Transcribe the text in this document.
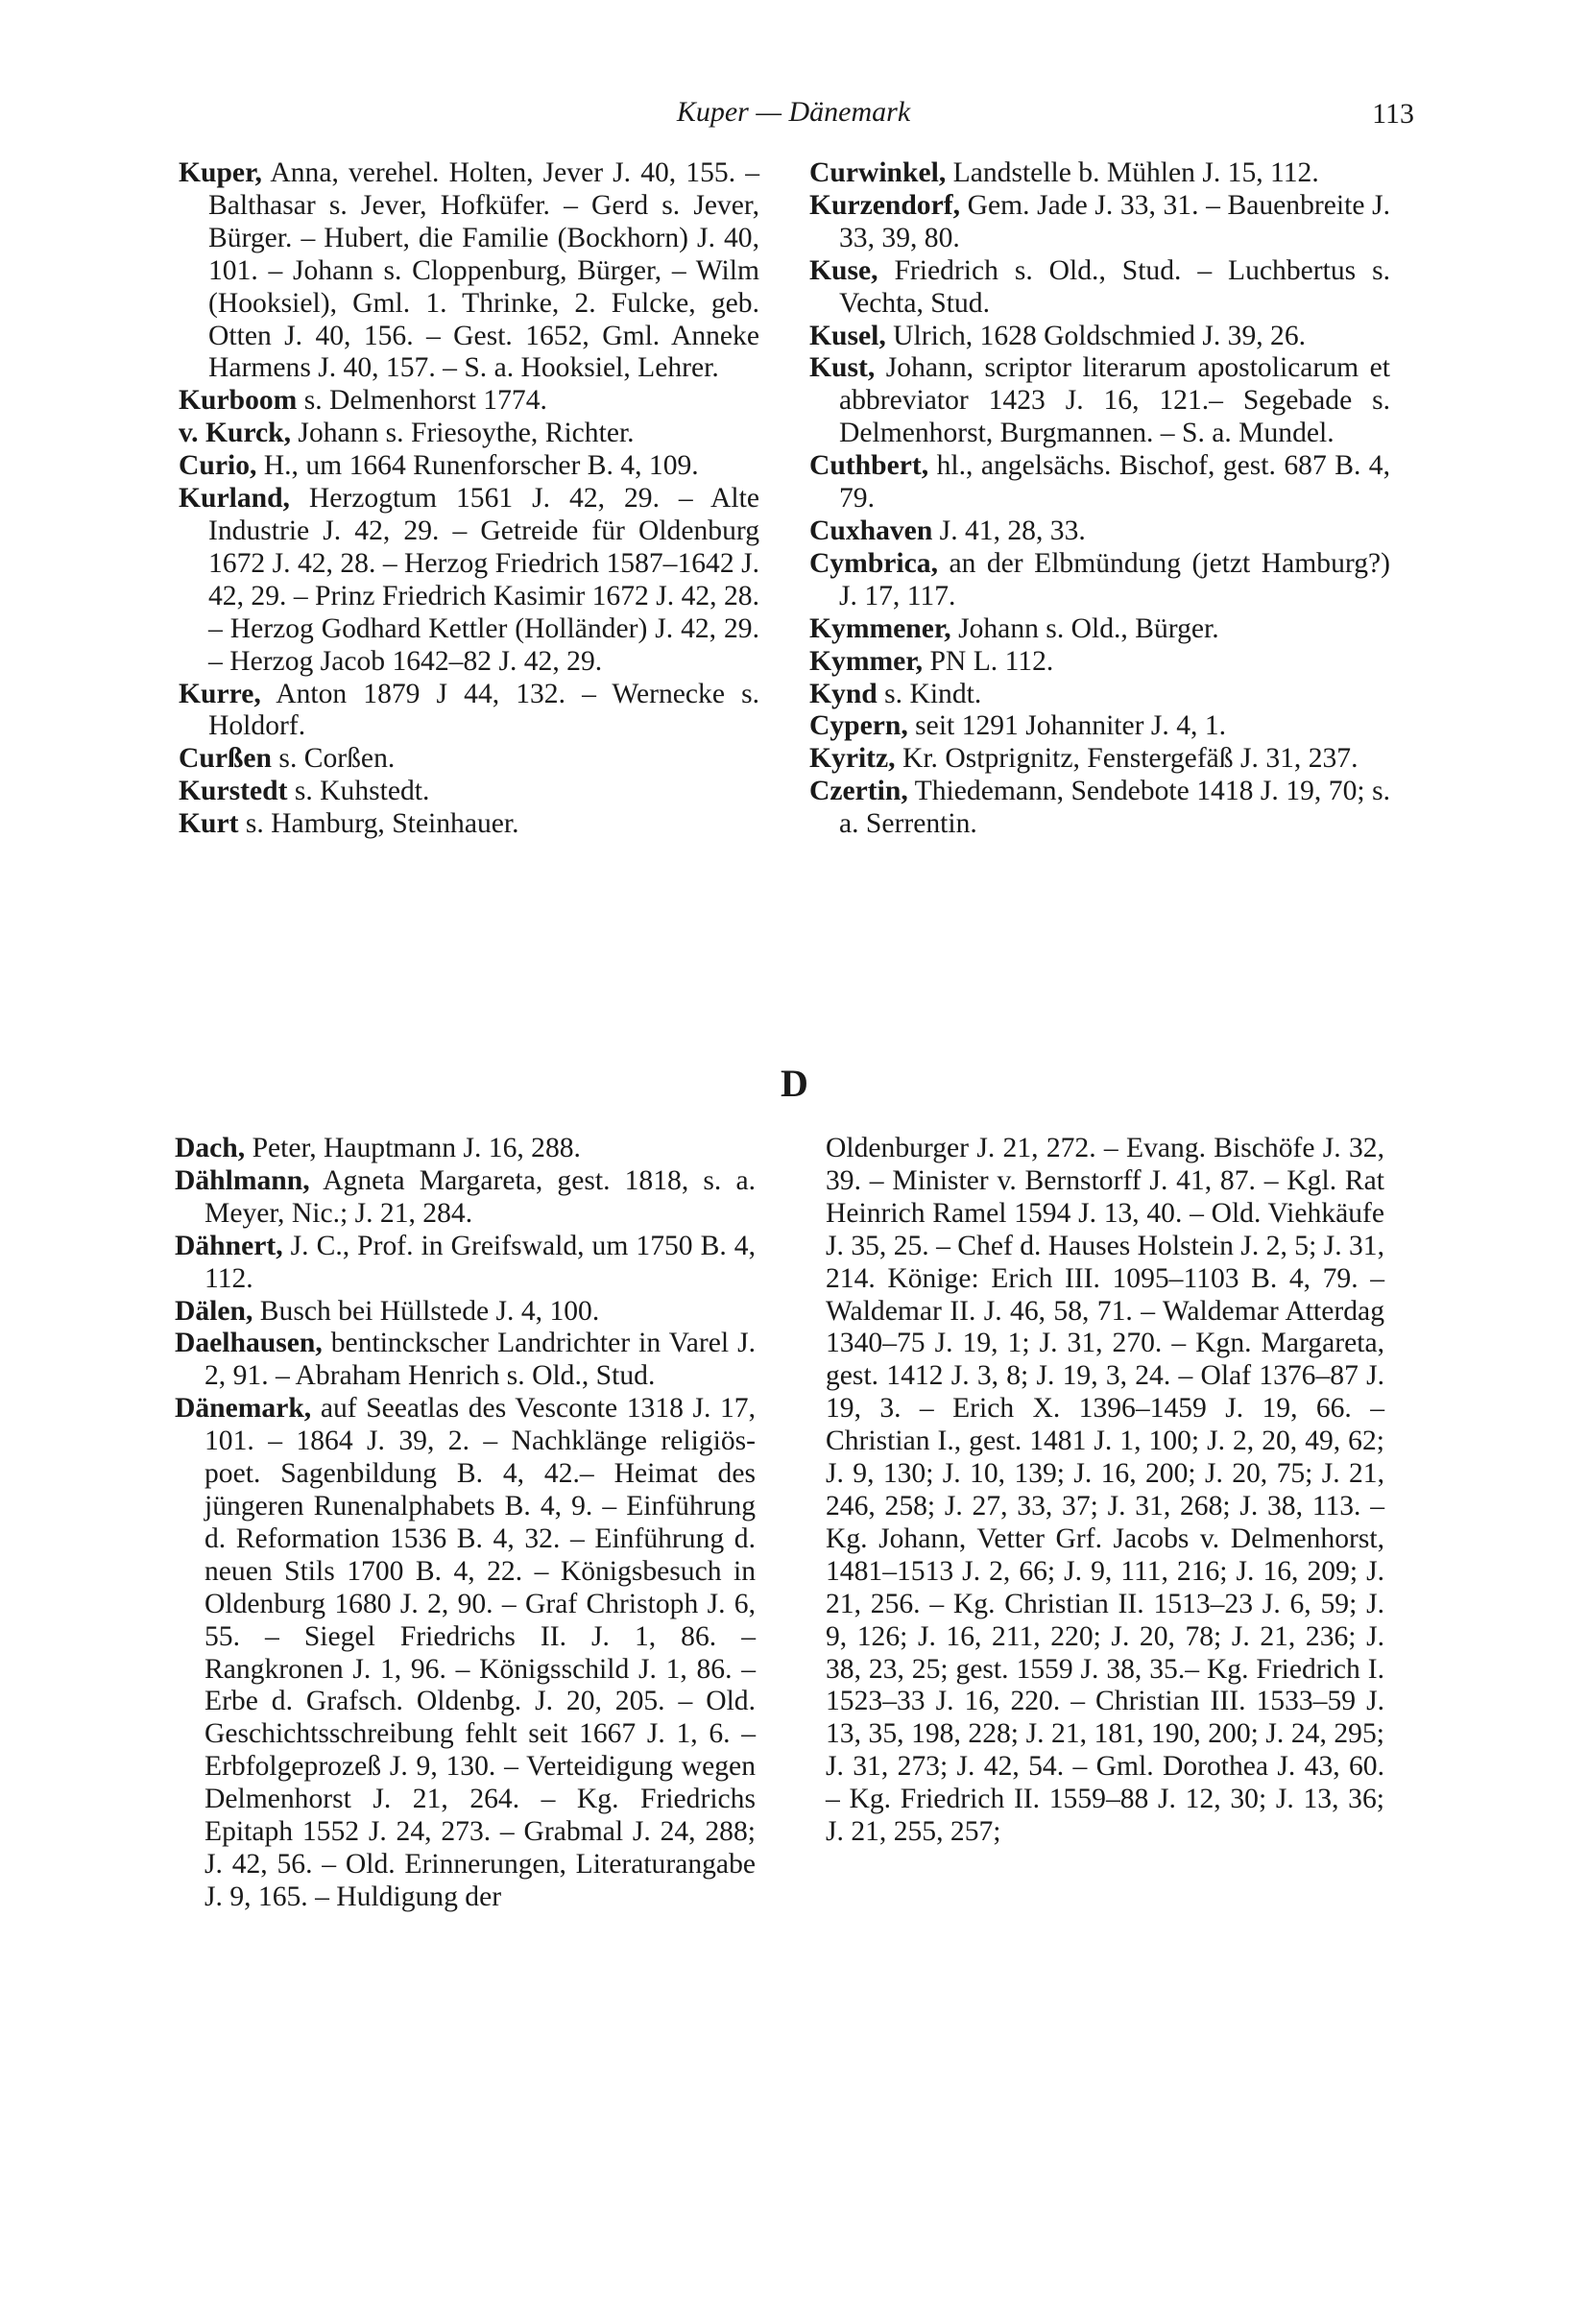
Kuper — Dänemark	113

Kuper, Anna, verehel. Holten, Jever J. 40, 155. – Balthasar s. Jever, Hofküfer. – Gerd s. Jever, Bürger. – Hubert, die Familie (Bockhorn) J. 40, 101. – Johann s. Cloppenburg, Bürger, – Wilm (Hooksiel), Gml. 1. Thrinke, 2. Fulcke, geb. Otten J. 40, 156. – Gest. 1652, Gml. Anneke Harmens J. 40, 157. – S. a. Hooksiel, Lehrer.

Kurboom s. Delmenhorst 1774.

v. Kurck, Johann s. Friesoythe, Richter.

Curio, H., um 1664 Runenforscher B. 4, 109.

Kurland, Herzogtum 1561 J. 42, 29. – Alte Industrie J. 42, 29. – Getreide für Oldenburg 1672 J. 42, 28. – Herzog Friedrich 1587–1642 J. 42, 29. – Prinz Friedrich Kasimir 1672 J. 42, 28. – Herzog Godhard Kettler (Holländer) J. 42, 29. – Herzog Jacob 1642–82 J. 42, 29.

Kurre, Anton 1879 J 44, 132. – Wernecke s. Holdorf.

Curßen s. Corßen.

Kurstedt s. Kuhstedt.

Kurt s. Hamburg, Steinhauer.

Curwinkel, Landstelle b. Mühlen J. 15, 112.

Kurzendorf, Gem. Jade J. 33, 31. – Bauenbreite J. 33, 39, 80.

Kuse, Friedrich s. Old., Stud. – Luchbertus s. Vechta, Stud.

Kusel, Ulrich, 1628 Goldschmied J. 39, 26.

Kust, Johann, scriptor literarum apostolicarum et abbreviator 1423 J. 16, 121.– Segebade s. Delmenhorst, Burgmannen. – S. a. Mundel.

Cuthbert, hl., angelsächs. Bischof, gest. 687 B. 4, 79.

Cuxhaven J. 41, 28, 33.

Cymbrica, an der Elbmündung (jetzt Hamburg?) J. 17, 117.

Kymmener, Johann s. Old., Bürger.

Kymmer, PN L. 112.

Kynd s. Kindt.

Cypern, seit 1291 Johanniter J. 4, 1.

Kyritz, Kr. Ostprignitz, Fenstergefäß J. 31, 237.

Czertin, Thiedemann, Sendebote 1418 J. 19, 70; s. a. Serrentin.

D

Dach, Peter, Hauptmann J. 16, 288.

Dählmann, Agneta Margareta, gest. 1818, s. a. Meyer, Nic.; J. 21, 284.

Dähnert, J. C., Prof. in Greifswald, um 1750 B. 4, 112.

Dälen, Busch bei Hüllstede J. 4, 100.

Daelhausen, bentinckscher Landrichter in Varel J. 2, 91. – Abraham Henrich s. Old., Stud.

Dänemark, auf Seeatlas des Vesconte 1318 J. 17, 101. – 1864 J. 39, 2. – Nachklänge religiös-poet. Sagenbildung B. 4, 42.– Heimat des jüngeren Runenalphabets B. 4, 9. – Einführung d. Reformation 1536 B. 4, 32. – Einführung d. neuen Stils 1700 B. 4, 22. – Königsbesuch in Oldenburg 1680 J. 2, 90. – Graf Christoph J. 6, 55. – Siegel Friedrichs II. J. 1, 86. – Rangkronen J. 1, 96. – Königsschild J. 1, 86. – Erbe d. Grafsch. Oldenbg. J. 20, 205. – Old. Geschichtsschreibung fehlt seit 1667 J. 1, 6. – Erbfolgeprozeß J. 9, 130. – Verteidigung wegen Delmenhorst J. 21, 264. – Kg. Friedrichs Epitaph 1552 J. 24, 273. – Grabmal J. 24, 288; J. 42, 56. – Old. Erinnerungen, Literaturangabe J. 9, 165. – Huldigung der

Oldenburger J. 21, 272. – Evang. Bischöfe J. 32, 39. – Minister v. Bernstorff J. 41, 87. – Kgl. Rat Heinrich Ramel 1594 J. 13, 40. – Old. Viehkäufe J. 35, 25. – Chef d. Hauses Holstein J. 2, 5; J. 31, 214. Könige: Erich III. 1095–1103 B. 4, 79. – Waldemar II. J. 46, 58, 71. – Waldemar Atterdag 1340–75 J. 19, 1; J. 31, 270. – Kgn. Margareta, gest. 1412 J. 3, 8; J. 19, 3, 24. – Olaf 1376–87 J. 19, 3. – Erich X. 1396–1459 J. 19, 66. – Christian I., gest. 1481 J. 1, 100; J. 2, 20, 49, 62; J. 9, 130; J. 10, 139; J. 16, 200; J. 20, 75; J. 21, 246, 258; J. 27, 33, 37; J. 31, 268; J. 38, 113. – Kg. Johann, Vetter Grf. Jacobs v. Delmenhorst, 1481–1513 J. 2, 66; J. 9, 111, 216; J. 16, 209; J. 21, 256. – Kg. Christian II. 1513–23 J. 6, 59; J. 9, 126; J. 16, 211, 220; J. 20, 78; J. 21, 236; J. 38, 23, 25; gest. 1559 J. 38, 35.– Kg. Friedrich I. 1523–33 J. 16, 220. – Christian III. 1533–59 J. 13, 35, 198, 228; J. 21, 181, 190, 200; J. 24, 295; J. 31, 273; J. 42, 54. – Gml. Dorothea J. 43, 60. – Kg. Friedrich II. 1559–88 J. 12, 30; J. 13, 36; J. 21, 255, 257;
